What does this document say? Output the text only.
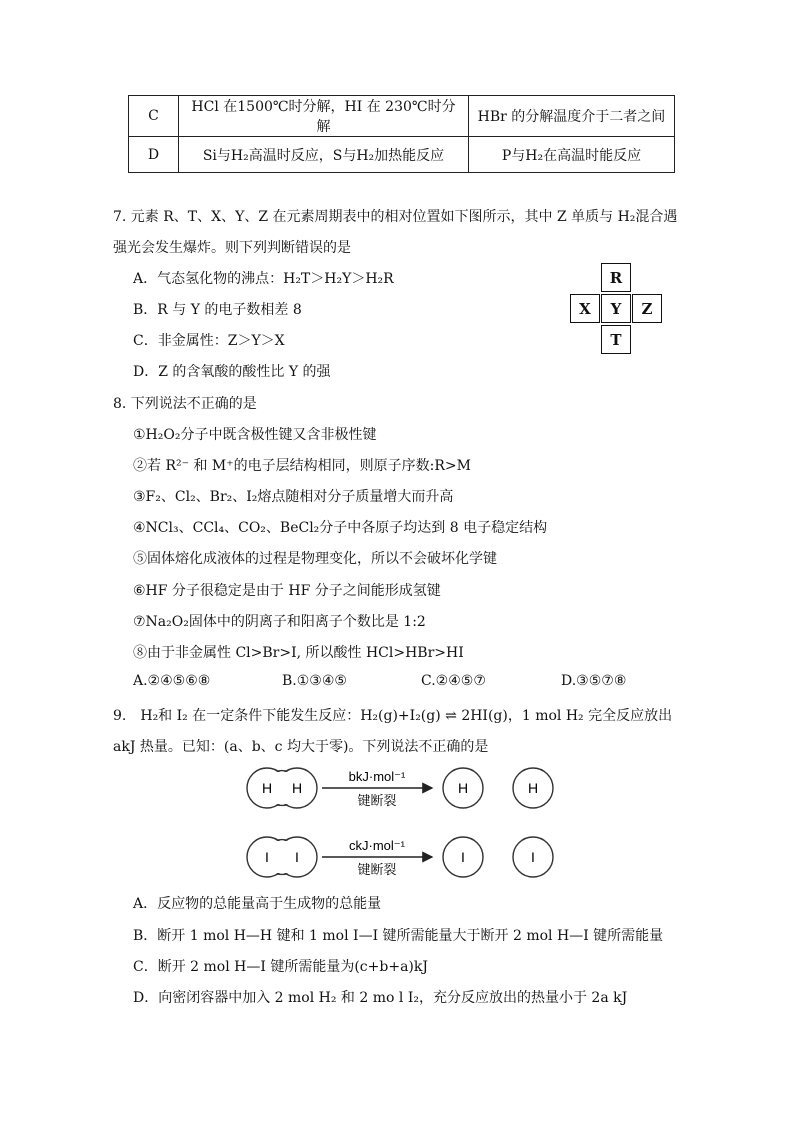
C	HCl 在1500℃时分解，HI 在 230℃时分解	HBr 的分解温度介于二者之间
D	Si与H₂高温时反应，S与H₂加热能反应	P与H₂在高温时能反应
7. 元素 R、T、X、Y、Z 在元素周期表中的相对位置如下图所示，其中 Z 单质与 H₂混合遇
强光会发生爆炸。则下列判断错误的是
A．气态氢化物的沸点：H₂T＞H₂Y＞H₂R
B．R 与 Y 的电子数相差 8
C．非金属性：Z＞Y＞X
D．Z 的含氧酸的酸性比 Y 的强
R
X	Y	Z
T
8. 下列说法不正确的是
①H₂O₂分子中既含极性键又含非极性键
②若 R²⁻ 和 M⁺的电子层结构相同，则原子序数:R>M
③F₂、Cl₂、Br₂、I₂熔点随相对分子质量增大而升高
④NCl₃、CCl₄、CO₂、BeCl₂分子中各原子均达到 8 电子稳定结构
⑤固体熔化成液体的过程是物理变化，所以不会破坏化学键
⑥HF 分子很稳定是由于 HF 分子之间能形成氢键
⑦Na₂O₂固体中的阴离子和阳离子个数比是 1:2
⑧由于非金属性 Cl>Br>I, 所以酸性 HCl>HBr>HI
A.②④⑤⑥⑧	B.①③④⑤	C.②④⑤⑦	D.③⑤⑦⑧
9.　H₂和 I₂ 在一定条件下能发生反应：H₂(g)+I₂(g) ⇌ 2HI(g)，1 mol H₂ 完全反应放出
akJ 热量。已知：(a、b、c 均大于零)。下列说法不正确的是
H H
bkJ·mol⁻¹
键断裂
H	H
I I
ckJ·mol⁻¹
键断裂
I	I
A．反应物的总能量高于生成物的总能量
B．断开 1 mol H—H 键和 1 mol I—I 键所需能量大于断开 2 mol H—I 键所需能量
C．断开 2 mol H—I 键所需能量为(c+b+a)kJ
D．向密闭容器中加入 2 mol H₂ 和 2 mo l I₂，充分反应放出的热量小于 2a kJ
